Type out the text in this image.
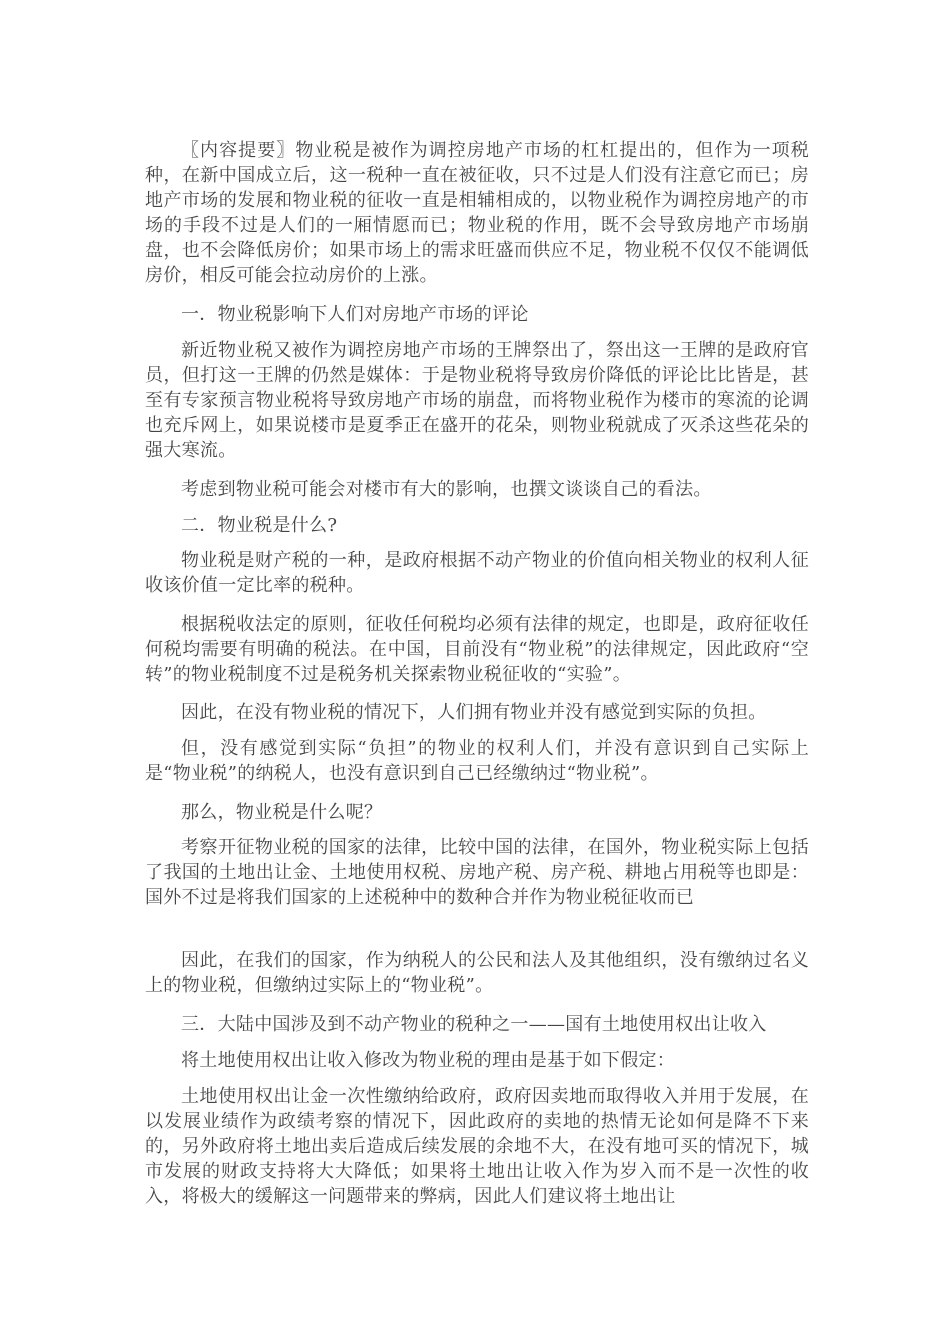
〖内容提要〗物业税是被作为调控房地产市场的杠杠提出的，但作为一项税种，在新中国成立后，这一税种一直在被征收，只不过是人们没有注意它而已；房地产市场的发展和物业税的征收一直是相辅相成的，以物业税作为调控房地产的市场的手段不过是人们的一厢情愿而已；物业税的作用，既不会导致房地产市场崩盘，也不会降低房价；如果市场上的需求旺盛而供应不足，物业税不仅仅不能调低房价，相反可能会拉动房价的上涨。

一．物业税影响下人们对房地产市场的评论

新近物业税又被作为调控房地产市场的王牌祭出了，祭出这一王牌的是政府官员，但打这一王牌的仍然是媒体：于是物业税将导致房价降低的评论比比皆是，甚至有专家预言物业税将导致房地产市场的崩盘，而将物业税作为楼市的寒流的论调也充斥网上，如果说楼市是夏季正在盛开的花朵，则物业税就成了灭杀这些花朵的强大寒流。

考虑到物业税可能会对楼市有大的影响，也撰文谈谈自己的看法。

二．物业税是什么?

物业税是财产税的一种，是政府根据不动产物业的价值向相关物业的权利人征收该价值一定比率的税种。

根据税收法定的原则，征收任何税均必须有法律的规定，也即是，政府征收任何税均需要有明确的税法。在中国，目前没有“物业税”的法律规定，因此政府“空转”的物业税制度不过是税务机关探索物业税征收的“实验”。

因此，在没有物业税的情况下，人们拥有物业并没有感觉到实际的负担。

但，没有感觉到实际“负担”的物业的权利人们，并没有意识到自己实际上是“物业税”的纳税人，也没有意识到自己已经缴纳过“物业税”。

那么，物业税是什么呢？

考察开征物业税的国家的法律，比较中国的法律，在国外，物业税实际上包括了我国的土地出让金、土地使用权税、房地产税、房产税、耕地占用税等也即是：国外不过是将我们国家的上述税种中的数种合并作为物业税征收而已

因此，在我们的国家，作为纳税人的公民和法人及其他组织，没有缴纳过名义上的物业税，但缴纳过实际上的“物业税”。

三．大陆中国涉及到不动产物业的税种之一——国有土地使用权出让收入

将土地使用权出让收入修改为物业税的理由是基于如下假定：

土地使用权出让金一次性缴纳给政府，政府因卖地而取得收入并用于发展，在以发展业绩作为政绩考察的情况下，因此政府的卖地的热情无论如何是降不下来的，另外政府将土地出卖后造成后续发展的余地不大，在没有地可买的情况下，城市发展的财政支持将大大降低；如果将土地出让收入作为岁入而不是一次性的收入，将极大的缓解这一问题带来的弊病，因此人们建议将土地出让
